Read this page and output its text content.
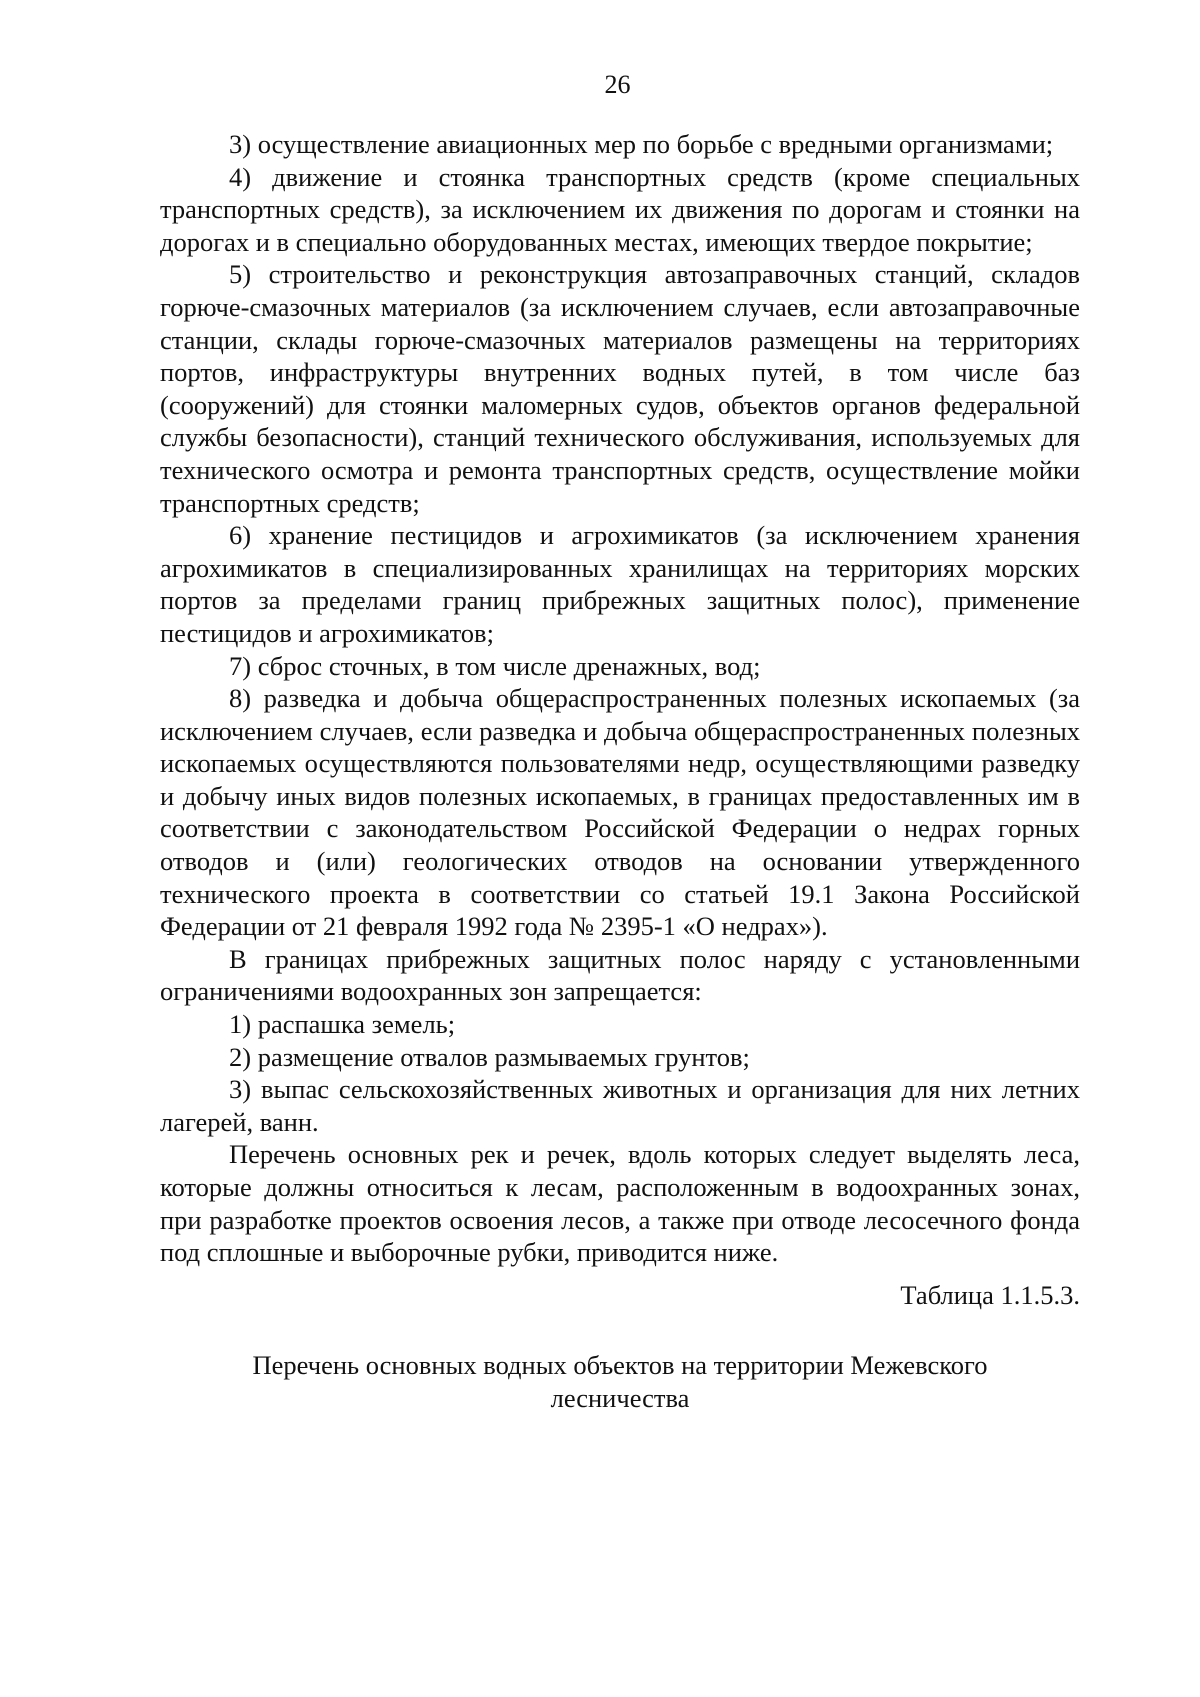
26

3) осуществление авиационных мер по борьбе с вредными организмами;

4) движение и стоянка транспортных средств (кроме специальных транспортных средств), за исключением их движения по дорогам и стоянки на дорогах и в специально оборудованных местах, имеющих твердое покрытие;

5) строительство и реконструкция автозаправочных станций, складов горюче-смазочных материалов (за исключением случаев, если автозаправочные станции, склады горюче-смазочных материалов размещены на территориях портов, инфраструктуры внутренних водных путей, в том числе баз (сооружений) для стоянки маломерных судов, объектов органов федеральной службы безопасности), станций технического обслуживания, используемых для технического осмотра и ремонта транспортных средств, осуществление мойки транспортных средств;

6) хранение пестицидов и агрохимикатов (за исключением хранения агрохимикатов в специализированных хранилищах на территориях морских портов за пределами границ прибрежных защитных полос), применение пестицидов и агрохимикатов;

7) сброс сточных, в том числе дренажных, вод;

8) разведка и добыча общераспространенных полезных ископаемых (за исключением случаев, если разведка и добыча общераспространенных полезных ископаемых осуществляются пользователями недр, осуществляющими разведку и добычу иных видов полезных ископаемых, в границах предоставленных им в соответствии с законодательством Российской Федерации о недрах горных отводов и (или) геологических отводов на основании утвержденного технического проекта в соответствии со статьей 19.1 Закона Российской Федерации от 21 февраля 1992 года № 2395-1 «О недрах»).

В границах прибрежных защитных полос наряду с установленными ограничениями водоохранных зон запрещается:

1) распашка земель;

2) размещение отвалов размываемых грунтов;

3) выпас сельскохозяйственных животных и организация для них летних лагерей, ванн.

Перечень основных рек и речек, вдоль которых следует выделять леса, которые должны относиться к лесам, расположенным в водоохранных зонах, при разработке проектов освоения лесов, а также при отводе лесосечного фонда под сплошные и выборочные рубки, приводится ниже.

Таблица 1.1.5.3.

Перечень основных водных объектов на территории Межевского лесничества
